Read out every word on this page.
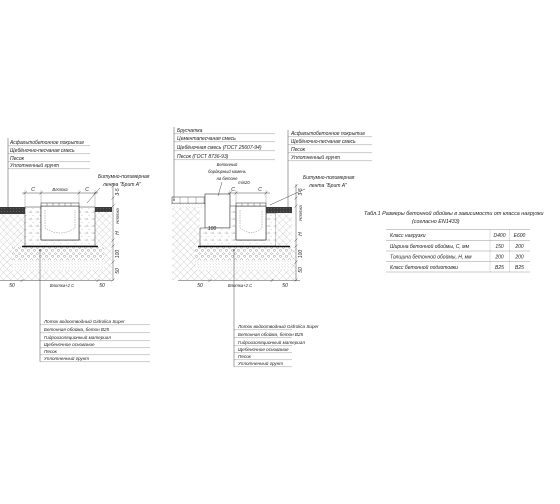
Асфальтобетонное покрытие
Щебёночно-песчаная смесь
Песок
Уплотненный грунт
Битумно-полимерная
лента "Брит А"
C	Влотка	C	3-5
Нлотка
H
100
50
50	Влотка+2 С	50
Лоток водоотводный Gidrolica Super
Бетонная обойма, бетон В25
Гидроизоляционный материал
Щебеночное основание
Песок
Уплотненный грунт
100
Брусчатка
Цементапесчаная смесь
Щебёночная смесь (ГОСТ 25607-94)
Песок (ГОСТ 8736-93)
Асфальтобетонное покрытие
Щебёночно-песчаная смесь
Песок
Уплотненный грунт
Бетонный
бордюрный камень
на бетоне
min20
Битумно-полимерная
лента "Брит А"
C	C	3-5
Нлотка
H
100
50
50	Влотка+2 С	50
Лоток водоотводный Gidrolica Super
Бетонная обойма, бетон В25
Гидроизоляционный материал
Щебеночное основание
Песок
Уплотненный грунт
Табл.1 Размеры бетонной обоймы в зависимости от класса нагрузки
(согласно EN1433)
Класс нагрузки	D400 E600
Ширина бетонной обоймы, С, мм	150 200
Толщина бетонной обоймы, H, мм	200 200
Класс бетонной подготовки	B25 B25
